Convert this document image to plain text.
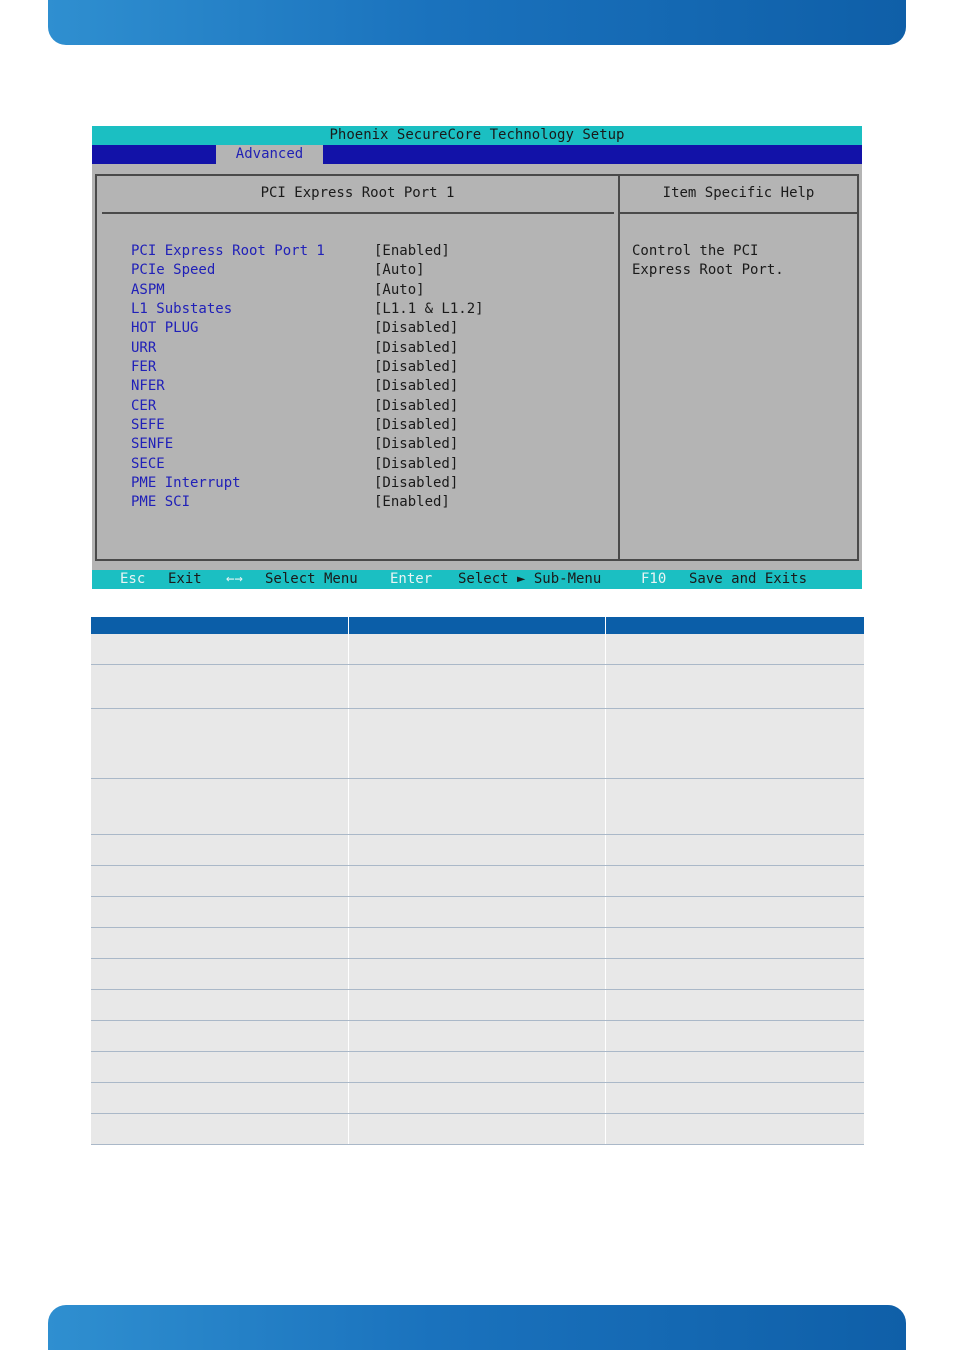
Phoenix SecureCore Technology Setup
Advanced
PCI Express Root Port 1	Item Specific Help
PCI Express Root Port 1	[Enabled]
PCIe Speed	[Auto]
ASPM	[Auto]
L1 Substates	[L1.1 & L1.2]
HOT PLUG	[Disabled]
URR	[Disabled]
FER	[Disabled]
NFER	[Disabled]
CER	[Disabled]
SEFE	[Disabled]
SENFE	[Disabled]
SECE	[Disabled]
PME Interrupt	[Disabled]
PME SCI	[Enabled]
Control the PCI
Express Root Port.

Esc

Exit

←→

Select Menu

Enter

Select ► Sub-Menu

	F10

Save and Exits
